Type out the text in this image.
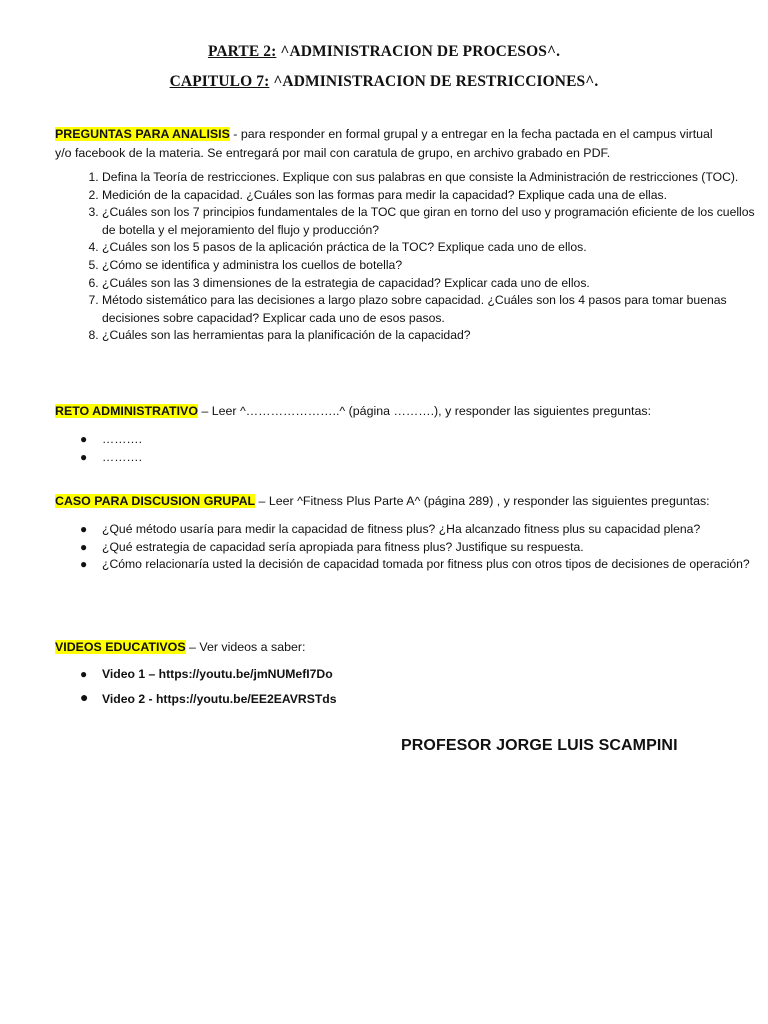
PARTE 2: ^ADMINISTRACION DE PROCESOS^.
CAPITULO 7: ^ADMINISTRACION DE RESTRICCIONES^.
PREGUNTAS PARA ANALISIS - para responder en formal grupal y a entregar en la fecha pactada en el campus virtual y/o facebook de la materia. Se entregará por mail con caratula de grupo, en archivo grabado en PDF.
1. Defina la Teoría de restricciones. Explique con sus palabras en que consiste la Administración de restricciones (TOC).
2. Medición de la capacidad. ¿Cuáles son las formas para medir la capacidad? Explique cada una de ellas.
3. ¿Cuáles son los 7 principios fundamentales de la TOC que giran en torno del uso y programación eficiente de los cuellos de botella y el mejoramiento del flujo y producción?
4. ¿Cuáles son los 5 pasos de la aplicación práctica de la TOC? Explique cada uno de ellos.
5. ¿Cómo se identifica y administra los cuellos de botella?
6. ¿Cuáles son las 3 dimensiones de la estrategia de capacidad? Explicar cada uno de ellos.
7. Método sistemático para las decisiones a largo plazo sobre capacidad. ¿Cuáles son los 4 pasos para tomar buenas decisiones sobre capacidad? Explicar cada uno de esos pasos.
8. ¿Cuáles son las herramientas para la planificación de la capacidad?
RETO ADMINISTRATIVO – Leer ^…………………..^ (página ……….), y responder las siguientes preguntas:
● ……….
● ……….
CASO PARA DISCUSION GRUPAL – Leer ^Fitness Plus Parte A^ (página 289) , y responder las siguientes preguntas:
● ¿Qué método usaría para medir la capacidad de fitness plus? ¿Ha alcanzado fitness plus su capacidad plena?
● ¿Qué estrategia de capacidad sería apropiada para fitness plus? Justifique su respuesta.
● ¿Cómo relacionaría usted la decisión de capacidad tomada por fitness plus con otros tipos de decisiones de operación?
VIDEOS EDUCATIVOS – Ver videos a saber:
● Video 1 – https://youtu.be/jmNUMefI7Do
● Video 2 - https://youtu.be/EE2EAVRSTds
PROFESOR JORGE LUIS SCAMPINI
